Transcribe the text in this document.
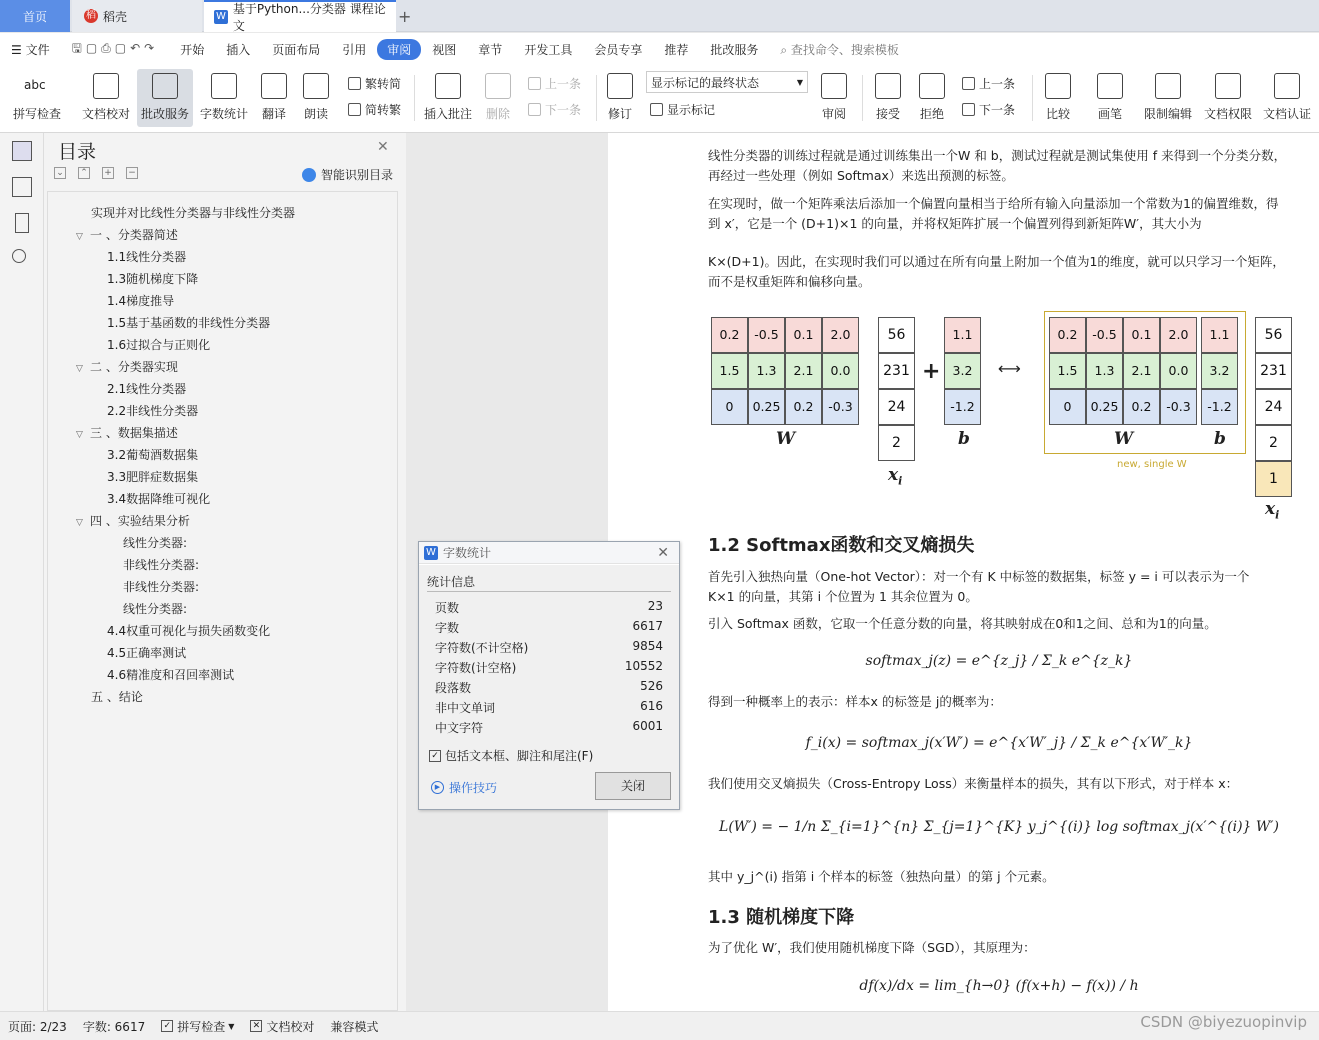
首页	稻 稻壳	W
基于Python...分类器 课程论文
+
☰ 文件	🖫▢⎙▢↶↷	开始	插入	页面布局	引用	审阅	视图	章节	开发工具	会员专享	推荐	批改服务	⌕ 查找命令、搜索模板
abc
拼写检查 文档校对 批改服务 字数统计 翻译 朗读
繁转简
简转繁 插入批注 删除
上一条
下一条 修订
显示标记的最终状态	▼
显示标记	审阅 接受 拒绝
上一条
下一条	比较 画笔 限制编辑 文档权限 文档认证
目录	✕
⌄ ⌃ + −	智能识别目录
实现并对比线性分类器与非线性分类器
▽ 一 、分类器简述
1.1线性分类器
1.3随机梯度下降
1.4梯度推导
1.5基于基函数的非线性分类器
1.6过拟合与正则化
▽ 二 、分类器实现
2.1线性分类器
2.2非线性分类器
▽ 三 、数据集描述
3.2葡萄酒数据集
3.3肥胖症数据集
3.4数据降维可视化
▽ 四 、实验结果分析
线性分类器:
非线性分类器:
非线性分类器:
线性分类器:
4.4权重可视化与损失函数变化
4.5正确率测试
4.6精准度和召回率测试
五 、结论
线性分类器的训练过程就是通过训练集出一个W 和 b，测试过程就是测试集使用 f 来得到一个分类分数，再经过一些处理（例如 Softmax）来选出预测的标签。
在实现时，做一个矩阵乘法后添加一个偏置向量相当于给所有输入向量添加一个常数为1的偏置维数，得到 x′，它是一个 (D+1)×1 的向量，并将权矩阵扩展一个偏置列得到新矩阵W′，其大小为
K×(D+1)。因此，在实现时我们可以通过在所有向量上附加一个值为1的维度，就可以只学习一个矩阵，而不是权重矩阵和偏移向量。
0.2	-0.5	0.1	2.0
1.5	1.3	2.1	0.0
0	0.25	0.2	-0.3
W
56
231
24
2
$x_i$
+
1.1
3.2
-1.2
b
⟷
0.2	-0.5	0.1	2.0	1.1
1.5	1.3	2.1	0.0	3.2
0	0.25	0.2	-0.3	-1.2
W	b
new, single W
56
231
24
2
1
$x_i$
1.2 Softmax函数和交叉熵损失
首先引入独热向量（One-hot Vector）：对一个有 K 中标签的数据集，标签 y = i 可以表示为一个
K×1 的向量，其第 i 个位置为 1 其余位置为 0。
引入 Softmax 函数，它取一个任意分数的向量，将其映射成在0和1之间、总和为1的向量。
softmax_j(z) = e^{z_j} / Σ_k e^{z_k}
得到一种概率上的表示：样本x 的标签是 j的概率为：
f_i(x) = softmax_j(x′W′) = e^{x′W′_j} / Σ_k e^{x′W′_k}
我们使用交叉熵损失（Cross-Entropy Loss）来衡量样本的损失，其有以下形式，对于样本 x：
L(W′) = − 1/n Σ_{i=1}^{n} Σ_{j=1}^{K} y_j^{(i)} log softmax_j(x′^{(i)} W′)
其中 y_j^(i) 指第 i 个样本的标签（独热向量）的第 j 个元素。
1.3 随机梯度下降
为了优化 W′，我们使用随机梯度下降（SGD），其原理为：
df(x)/dx = lim_{h→0} (f(x+h) − f(x)) / h
W 字数统计	✕
统计信息
页数	23
字数	6617
字符数(不计空格)	9854
字符数(计空格)	10552
段落数	526
非中文单词	616
中文字符	6001
✓ 包括文本框、脚注和尾注(F)
▶ 操作技巧	关闭
页面: 2/23	字数: 6617	✓ 拼写检查 ▼ ✕ 文档校对	兼容模式	CSDN @biyezuopinvip
